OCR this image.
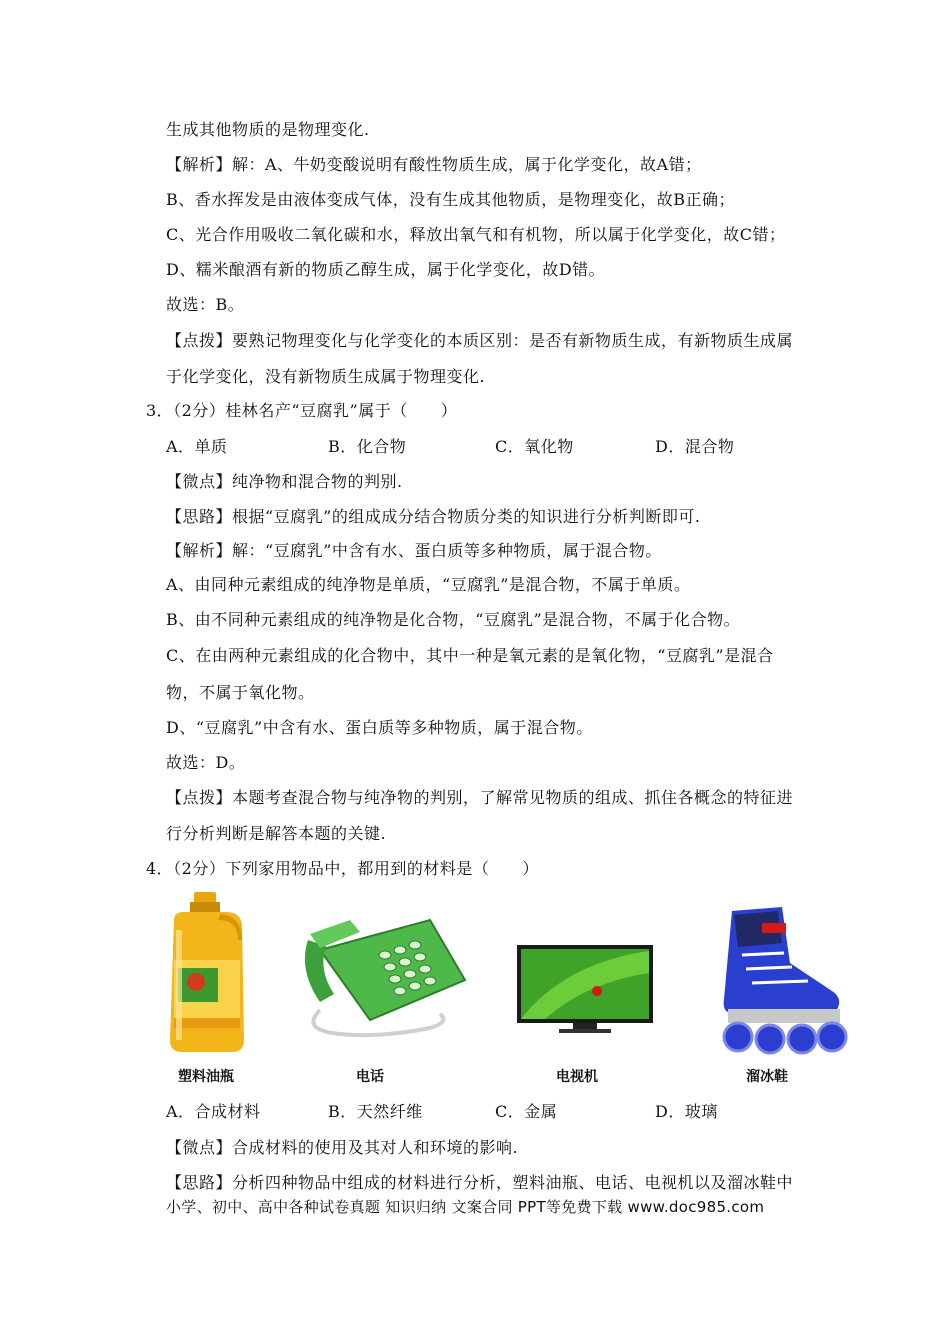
生成其他物质的是物理变化.
【解析】解：A、牛奶变酸说明有酸性物质生成，属于化学变化，故A错；
B、香水挥发是由液体变成气体，没有生成其他物质，是物理变化，故B正确；
C、光合作用吸收二氧化碳和水，释放出氧气和有机物，所以属于化学变化，故C错；
D、糯米酿酒有新的物质乙醇生成，属于化学变化，故D错。
故选：B。
【点拨】要熟记物理变化与化学变化的本质区别：是否有新物质生成，有新物质生成属
于化学变化，没有新物质生成属于物理变化.
3．（2分）桂林名产“豆腐乳”属于（　　）
A．单质	B．化合物	C．氧化物	D．混合物
【微点】纯净物和混合物的判别.
【思路】根据“豆腐乳”的组成成分结合物质分类的知识进行分析判断即可.
【解析】解：“豆腐乳”中含有水、蛋白质等多种物质，属于混合物。
A、由同种元素组成的纯净物是单质，“豆腐乳”是混合物，不属于单质。
B、由不同种元素组成的纯净物是化合物，“豆腐乳”是混合物，不属于化合物。
C、在由两种元素组成的化合物中，其中一种是氧元素的是氧化物，“豆腐乳”是混合
物，不属于氧化物。
D、“豆腐乳”中含有水、蛋白质等多种物质，属于混合物。
故选：D。
【点拨】本题考查混合物与纯净物的判别，了解常见物质的组成、抓住各概念的特征进
行分析判断是解答本题的关键.
4．（2分）下列家用物品中，都用到的材料是（　　）
塑料油瓶	电话	电视机	溜冰鞋
A．合成材料	B．天然纤维	C．金属	D．玻璃
【微点】合成材料的使用及其对人和环境的影响.
【思路】分析四种物品中组成的材料进行分析，塑料油瓶、电话、电视机以及溜冰鞋中
小学、初中、高中各种试卷真题 知识归纳 文案合同 PPT等免费下载 www.doc985.com
